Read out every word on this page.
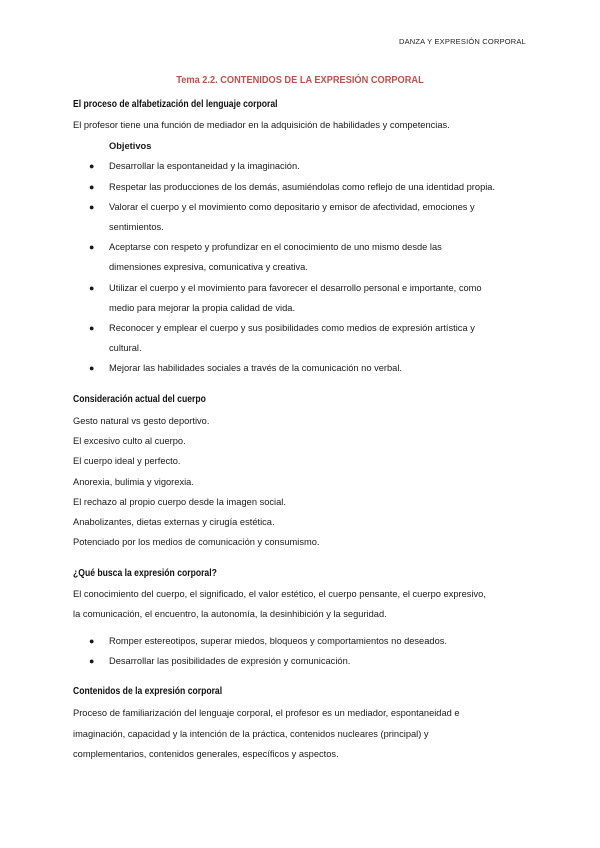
DANZA Y EXPRESIÓN CORPORAL
Tema 2.2. CONTENIDOS DE LA EXPRESIÓN CORPORAL
El proceso de alfabetización del lenguaje corporal
El profesor tiene una función de mediador en la adquisición de habilidades y competencias.
Objetivos
● Desarrollar la espontaneidad y la imaginación.
● Respetar las producciones de los demás, asumiéndolas como reflejo de una identidad propia.
● Valorar el cuerpo y el movimiento como depositario y emisor de afectividad, emociones y
sentimientos.
● Aceptarse con respeto y profundizar en el conocimiento de uno mismo desde las
dimensiones expresiva, comunicativa y creativa.
● Utilizar el cuerpo y el movimiento para favorecer el desarrollo personal e importante, como
medio para mejorar la propia calidad de vida.
● Reconocer y emplear el cuerpo y sus posibilidades como medios de expresión artística y
cultural.
● Mejorar las habilidades sociales a través de la comunicación no verbal.
Consideración actual del cuerpo
Gesto natural vs gesto deportivo.
El excesivo culto al cuerpo.
El cuerpo ideal y perfecto.
Anorexia, bulimia y vigorexia.
El rechazo al propio cuerpo desde la imagen social.
Anabolizantes, dietas externas y cirugía estética.
Potenciado por los medios de comunicación y consumismo.
¿Qué busca la expresión corporal?
El conocimiento del cuerpo, el significado, el valor estético, el cuerpo pensante, el cuerpo expresivo,
la comunicación, el encuentro, la autonomía, la desinhibición y la seguridad.
● Romper estereotipos, superar miedos, bloqueos y comportamientos no deseados.
● Desarrollar las posibilidades de expresión y comunicación.
Contenidos de la expresión corporal
Proceso de familiarización del lenguaje corporal, el profesor es un mediador, espontaneidad e
imaginación, capacidad y la intención de la práctica, contenidos nucleares (principal) y
complementarios, contenidos generales, específicos y aspectos.
